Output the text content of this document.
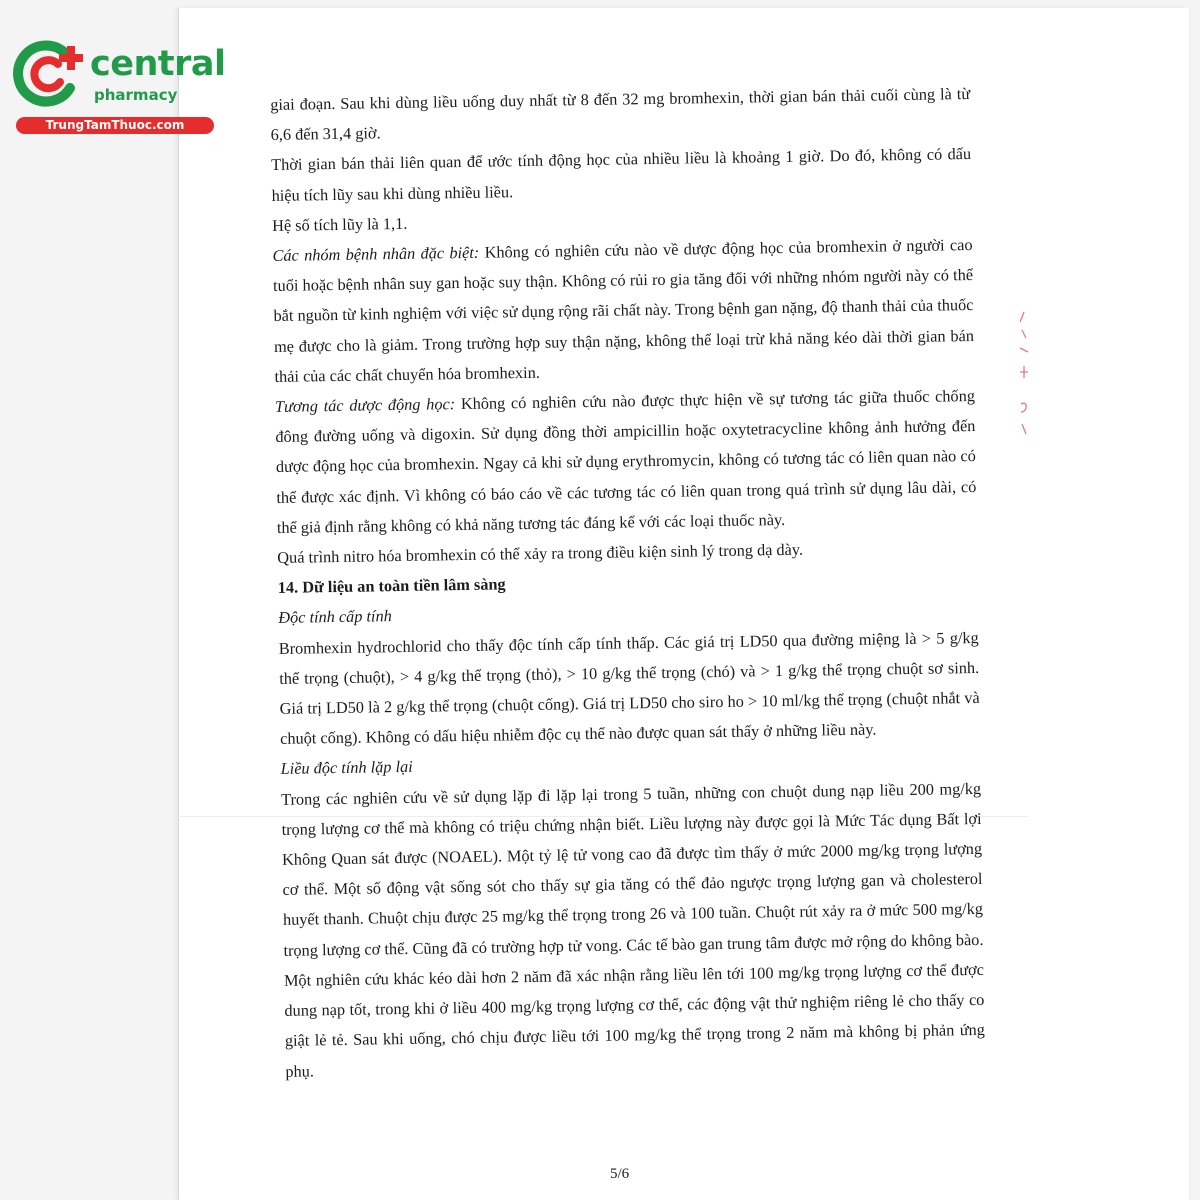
central
pharmacy
TrungTamThuoc.com

giai đoạn. Sau khi dùng liều uống duy nhất từ 8 đến 32 mg bromhexin, thời gian bán thải cuối cùng là từ 6,6 đến 31,4 giờ.

Thời gian bán thải liên quan để ước tính động học của nhiều liều là khoảng 1 giờ. Do đó, không có dấu hiệu tích lũy sau khi dùng nhiều liều.

Hệ số tích lũy là 1,1.

Các nhóm bệnh nhân đặc biệt: Không có nghiên cứu nào về dược động học của bromhexin ở người cao tuổi hoặc bệnh nhân suy gan hoặc suy thận. Không có rủi ro gia tăng đối với những nhóm người này có thể bắt nguồn từ kinh nghiệm với việc sử dụng rộng rãi chất này. Trong bệnh gan nặng, độ thanh thải của thuốc mẹ được cho là giảm. Trong trường hợp suy thận nặng, không thể loại trừ khả năng kéo dài thời gian bán thải của các chất chuyển hóa bromhexin.

Tương tác dược động học: Không có nghiên cứu nào được thực hiện về sự tương tác giữa thuốc chống đông đường uống và digoxin. Sử dụng đồng thời ampicillin hoặc oxytetracycline không ảnh hưởng đến dược động học của bromhexin. Ngay cả khi sử dụng erythromycin, không có tương tác có liên quan nào có thể được xác định. Vì không có báo cáo về các tương tác có liên quan trong quá trình sử dụng lâu dài, có thể giả định rằng không có khả năng tương tác đáng kể với các loại thuốc này.

Quá trình nitro hóa bromhexin có thể xảy ra trong điều kiện sinh lý trong dạ dày.

14. Dữ liệu an toàn tiền lâm sàng

Độc tính cấp tính

Bromhexin hydrochlorid cho thấy độc tính cấp tính thấp. Các giá trị LD50 qua đường miệng là > 5 g/kg thể trọng (chuột), > 4 g/kg thể trọng (thỏ), > 10 g/kg thể trọng (chó) và > 1 g/kg thể trọng chuột sơ sinh. Giá trị LD50 là 2 g/kg thể trọng (chuột cống). Giá trị LD50 cho siro ho > 10 ml/kg thể trọng (chuột nhắt và chuột cống). Không có dấu hiệu nhiễm độc cụ thể nào được quan sát thấy ở những liều này.

Liều độc tính lặp lại

Trong các nghiên cứu về sử dụng lặp đi lặp lại trong 5 tuần, những con chuột dung nạp liều 200 mg/kg trọng lượng cơ thể mà không có triệu chứng nhận biết. Liều lượng này được gọi là Mức Tác dụng Bất lợi Không Quan sát được (NOAEL). Một tỷ lệ tử vong cao đã được tìm thấy ở mức 2000 mg/kg trọng lượng cơ thể. Một số động vật sống sót cho thấy sự gia tăng có thể đảo ngược trọng lượng gan và cholesterol huyết thanh. Chuột chịu được 25 mg/kg thể trọng trong 26 và 100 tuần. Chuột rút xảy ra ở mức 500 mg/kg trọng lượng cơ thể. Cũng đã có trường hợp tử vong. Các tế bào gan trung tâm được mở rộng do không bào. Một nghiên cứu khác kéo dài hơn 2 năm đã xác nhận rằng liều lên tới 100 mg/kg trọng lượng cơ thể được dung nạp tốt, trong khi ở liều 400 mg/kg trọng lượng cơ thể, các động vật thử nghiệm riêng lẻ cho thấy co giật lẻ tẻ. Sau khi uống, chó chịu được liều tới 100 mg/kg thể trọng trong 2 năm mà không bị phản ứng phụ.

5/6
